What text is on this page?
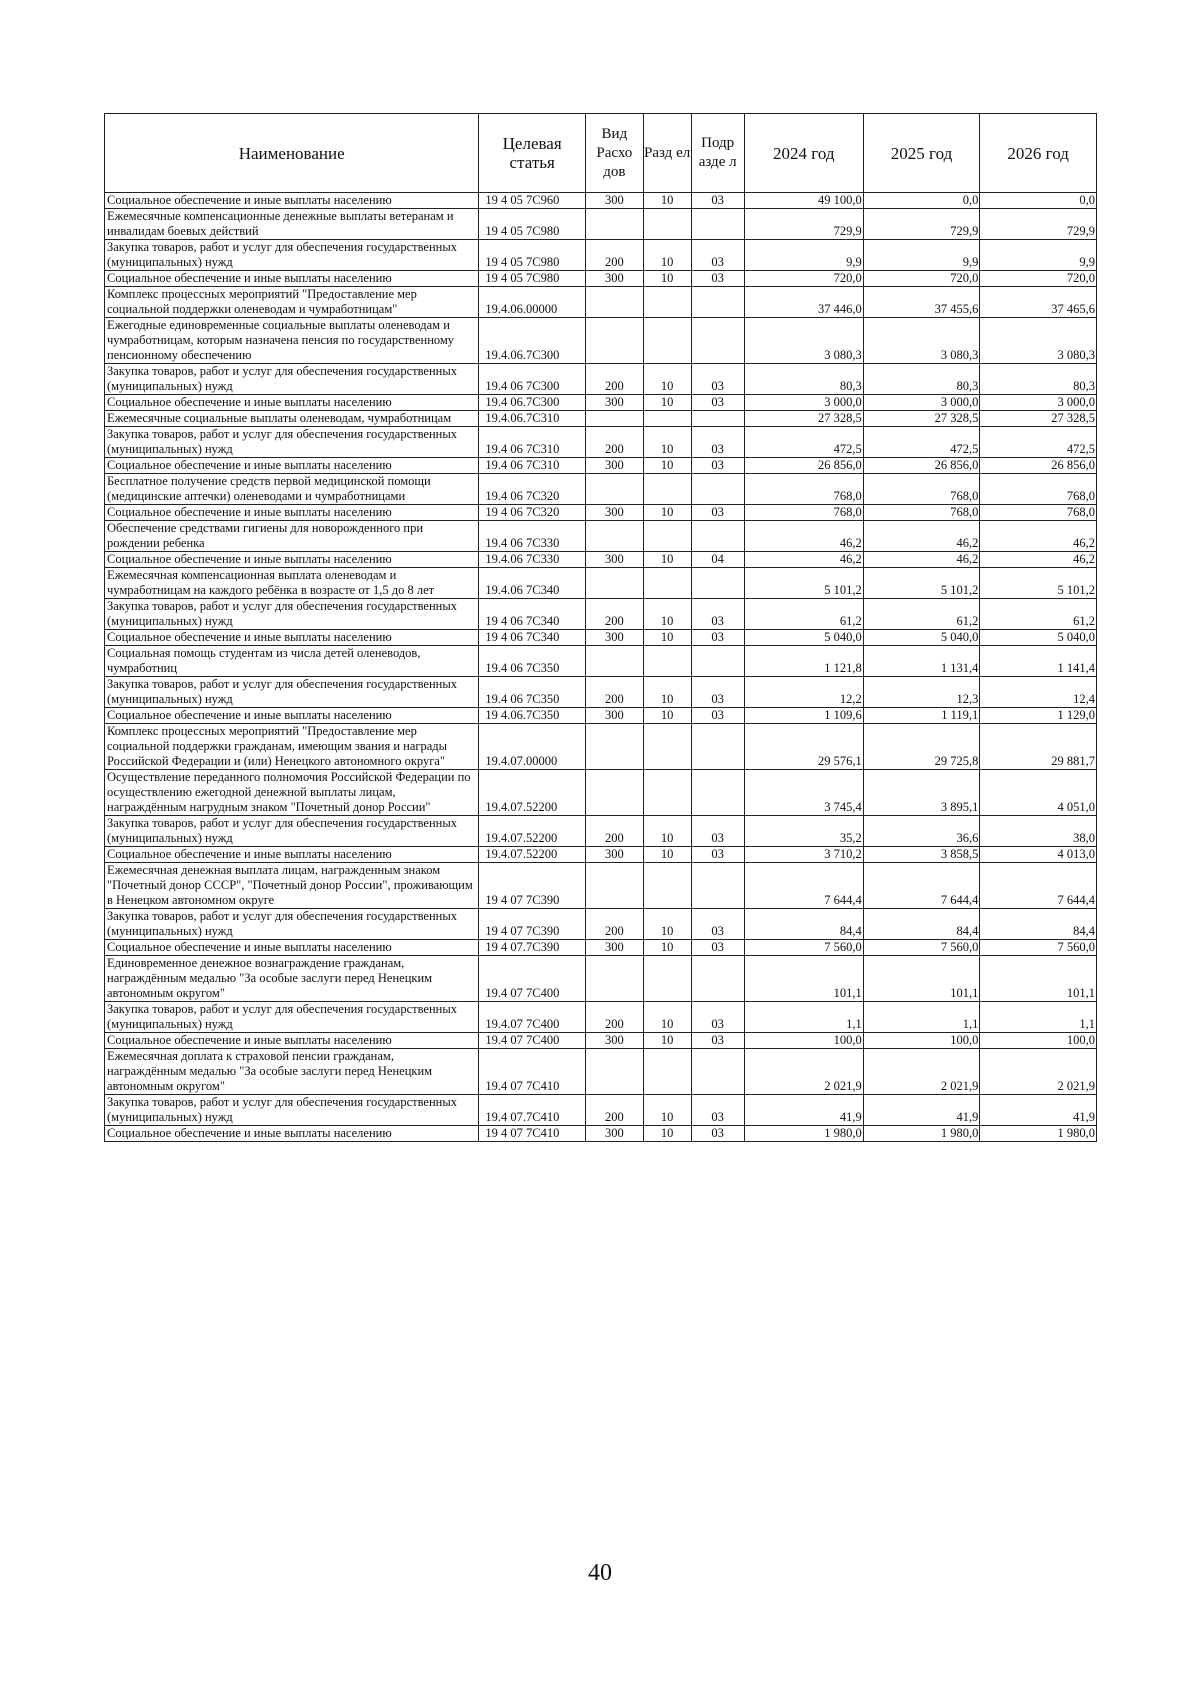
Наименование	Целевая статья	Вид Расхо дов	Разд ел	Подр азде л	2024 год	2025 год	2026 год
Социальное обеспечение и иные выплаты населению	19 4 05 7С960	300	10	03	49 100,0	0,0	0,0
Ежемесячные компенсационные денежные выплаты ветеранам и инвалидам боевых действий	19 4 05 7С980				729,9	729,9	729,9
Закупка товаров, работ и услуг для обеспечения государственных (муниципальных) нужд	19 4 05 7С980	200	10	03	9,9	9,9	9,9
Социальное обеспечение и иные выплаты населению	19 4 05 7С980	300	10	03	720,0	720,0	720,0
Комплекс процессных мероприятий "Предоставление мер социальной поддержки оленеводам и чумработницам"	19.4.06.00000				37 446,0	37 455,6	37 465,6
Ежегодные единовременные социальные выплаты оленеводам и чумработницам, которым назначена пенсия по государственному пенсионному обеспечению	19.4.06.7С300				3 080,3	3 080,3	3 080,3
Закупка товаров, работ и услуг для обеспечения государственных (муниципальных) нужд	19.4 06 7С300	200	10	03	80,3	80,3	80,3
Социальное обеспечение и иные выплаты населению	19.4 06.7С300	300	10	03	3 000,0	3 000,0	3 000,0
Ежемесячные социальные выплаты оленеводам, чумработницам	19.4.06.7С310				27 328,5	27 328,5	27 328,5
Закупка товаров, работ и услуг для обеспечения государственных (муниципальных) нужд	19.4 06 7С310	200	10	03	472,5	472,5	472,5
Социальное обеспечение и иные выплаты населению	19.4 06 7С310	300	10	03	26 856,0	26 856,0	26 856,0
Бесплатное получение средств первой медицинской помощи (медицинские аптечки) оленеводами и чумработницами	19.4 06 7С320				768,0	768,0	768,0
Социальное обеспечение и иные выплаты населению	19 4 06 7С320	300	10	03	768,0	768,0	768,0
Обеспечение средствами гигиены для новорожденного при рождении ребенка	19.4 06 7С330				46,2	46,2	46,2
Социальное обеспечение и иные выплаты населению	19.4.06 7С330	300	10	04	46,2	46,2	46,2
Ежемесячная компенсационная выплата оленеводам и чумработницам на каждого ребёнка в возрасте от 1,5 до 8 лет	19.4.06 7С340				5 101,2	5 101,2	5 101,2
Закупка товаров, работ и услуг для обеспечения государственных (муниципальных) нужд	19 4 06 7С340	200	10	03	61,2	61,2	61,2
Социальное обеспечение и иные выплаты населению	19 4 06 7С340	300	10	03	5 040,0	5 040,0	5 040,0
Социальная помощь студентам из числа детей оленеводов, чумработниц	19.4 06 7С350				1 121,8	1 131,4	1 141,4
Закупка товаров, работ и услуг для обеспечения государственных (муниципальных) нужд	19.4 06 7С350	200	10	03	12,2	12,3	12,4
Социальное обеспечение и иные выплаты населению	19 4.06.7С350	300	10	03	1 109,6	1 119,1	1 129,0
Комплекс процессных мероприятий "Предоставление мер социальной поддержки гражданам, имеющим звания и награды Российской Федерации и (или) Ненецкого автономного округа"	19.4.07.00000				29 576,1	29 725,8	29 881,7
Осуществление переданного полномочия Российской Федерации по осуществлению ежегодной денежной выплаты лицам, награждённым нагрудным знаком "Почетный донор России"	19.4.07.52200				3 745,4	3 895,1	4 051,0
Закупка товаров, работ и услуг для обеспечения государственных (муниципальных) нужд	19.4.07.52200	200	10	03	35,2	36,6	38,0
Социальное обеспечение и иные выплаты населению	19.4.07.52200	300	10	03	3 710,2	3 858,5	4 013,0
Ежемесячная денежная выплата лицам, награжденным знаком "Почетный донор СССР", "Почетный донор России", проживающим в Ненецком автономном округе	19 4 07 7С390				7 644,4	7 644,4	7 644,4
Закупка товаров, работ и услуг для обеспечения государственных (муниципальных) нужд	19 4 07 7С390	200	10	03	84,4	84,4	84,4
Социальное обеспечение и иные выплаты населению	19 4 07.7С390	300	10	03	7 560,0	7 560,0	7 560,0
Единовременное денежное вознаграждение гражданам, награждённым медалью "За особые заслуги перед Ненецким автономным округом"	19.4 07 7С400				101,1	101,1	101,1
Закупка товаров, работ и услуг для обеспечения государственных (муниципальных) нужд	19.4.07 7С400	200	10	03	1,1	1,1	1,1
Социальное обеспечение и иные выплаты населению	19.4 07 7С400	300	10	03	100,0	100,0	100,0
Ежемесячная доплата к страховой пенсии гражданам, награждённым медалью "За особые заслуги перед Ненецким автономным округом"	19.4 07 7С410				2 021,9	2 021,9	2 021,9
Закупка товаров, работ и услуг для обеспечения государственных (муниципальных) нужд	19.4 07.7С410	200	10	03	41,9	41,9	41,9
Социальное обеспечение и иные выплаты населению	19 4 07 7С410	300	10	03	1 980,0	1 980,0	1 980,0
40
